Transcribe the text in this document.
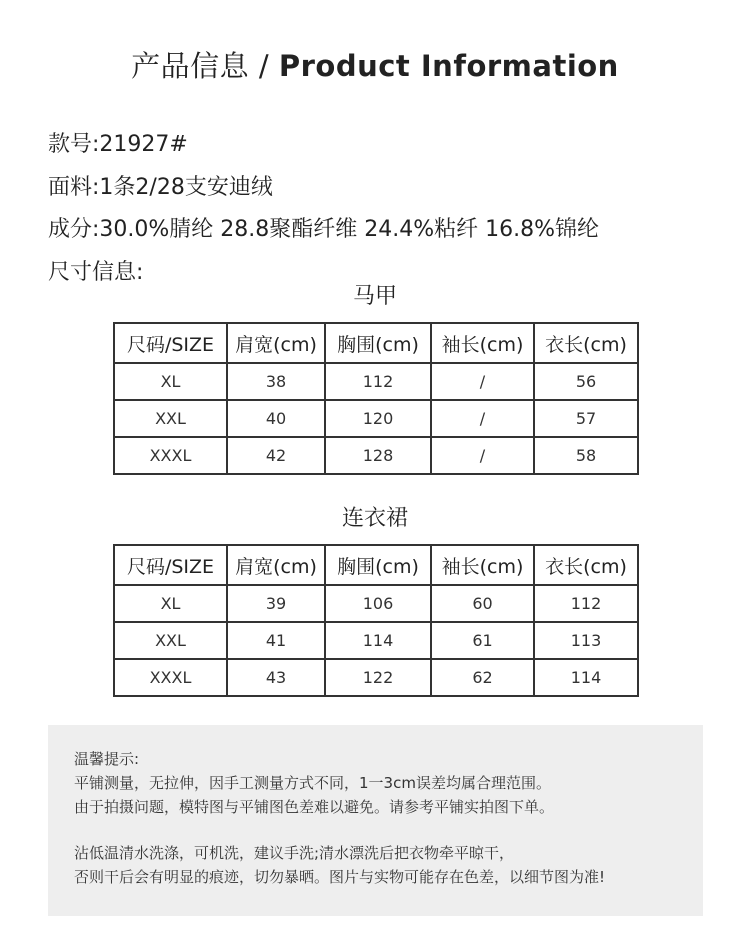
产品信息 / Product Information
款号:21927#
面料:1条2/28支安迪绒
成分:30.0%腈纶 28.8聚酯纤维 24.4%粘纤 16.8%锦纶
尺寸信息:
马甲
尺码/SIZE	肩宽(cm)	胸围(cm)	袖长(cm)	衣长(cm)
XL	38	112	/	56
XXL	40	120	/	57
XXXL	42	128	/	58
连衣裙
尺码/SIZE	肩宽(cm)	胸围(cm)	袖长(cm)	衣长(cm)
XL	39	106	60	112
XXL	41	114	61	113
XXXL	43	122	62	114

温馨提示:

平铺测量，无拉伸，因手工测量方式不同，1一3cm误差均属合理范围。

由于拍摄问题，模特图与平铺图色差难以避免。请参考平铺实拍图下单。

沾低温清水洗涤，可机洗，建议手洗;清水漂洗后把衣物牵平晾干，

否则干后会有明显的痕迹，切勿暴晒。图片与实物可能存在色差，以细节图为准!
